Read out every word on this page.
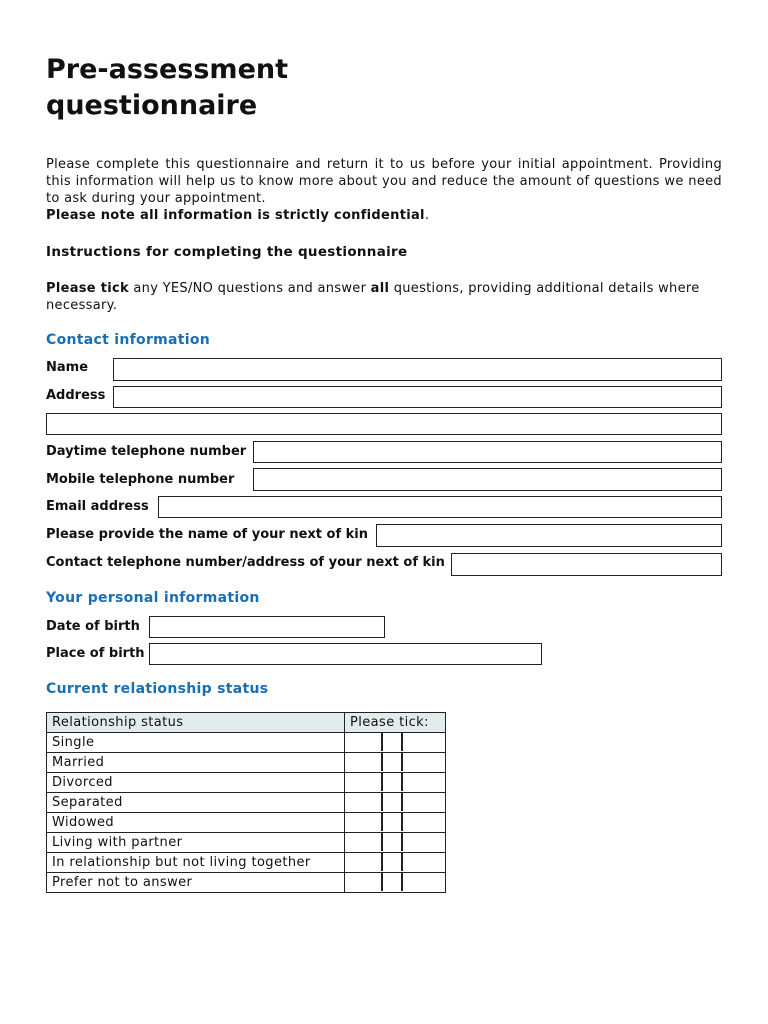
Pre-assessment questionnaire
Please complete this questionnaire and return it to us before your initial appointment. Providing this information will help us to know more about you and reduce the amount of questions we need to ask during your appointment.
Please note all information is strictly confidential.
Instructions for completing the questionnaire
Please tick any YES/NO questions and answer all questions, providing additional details where necessary.
Contact information
Name
Address
Daytime telephone number
Mobile telephone number
Email address
Please provide the name of your next of kin
Contact telephone number/address of your next of kin
Your personal information
Date of birth
Place of birth
Current relationship status
Relationship status	Please tick:
Single	

Married	

Divorced	

Separated	

Widowed	

Living with partner	

In relationship but not living together	

Prefer not to answer	
